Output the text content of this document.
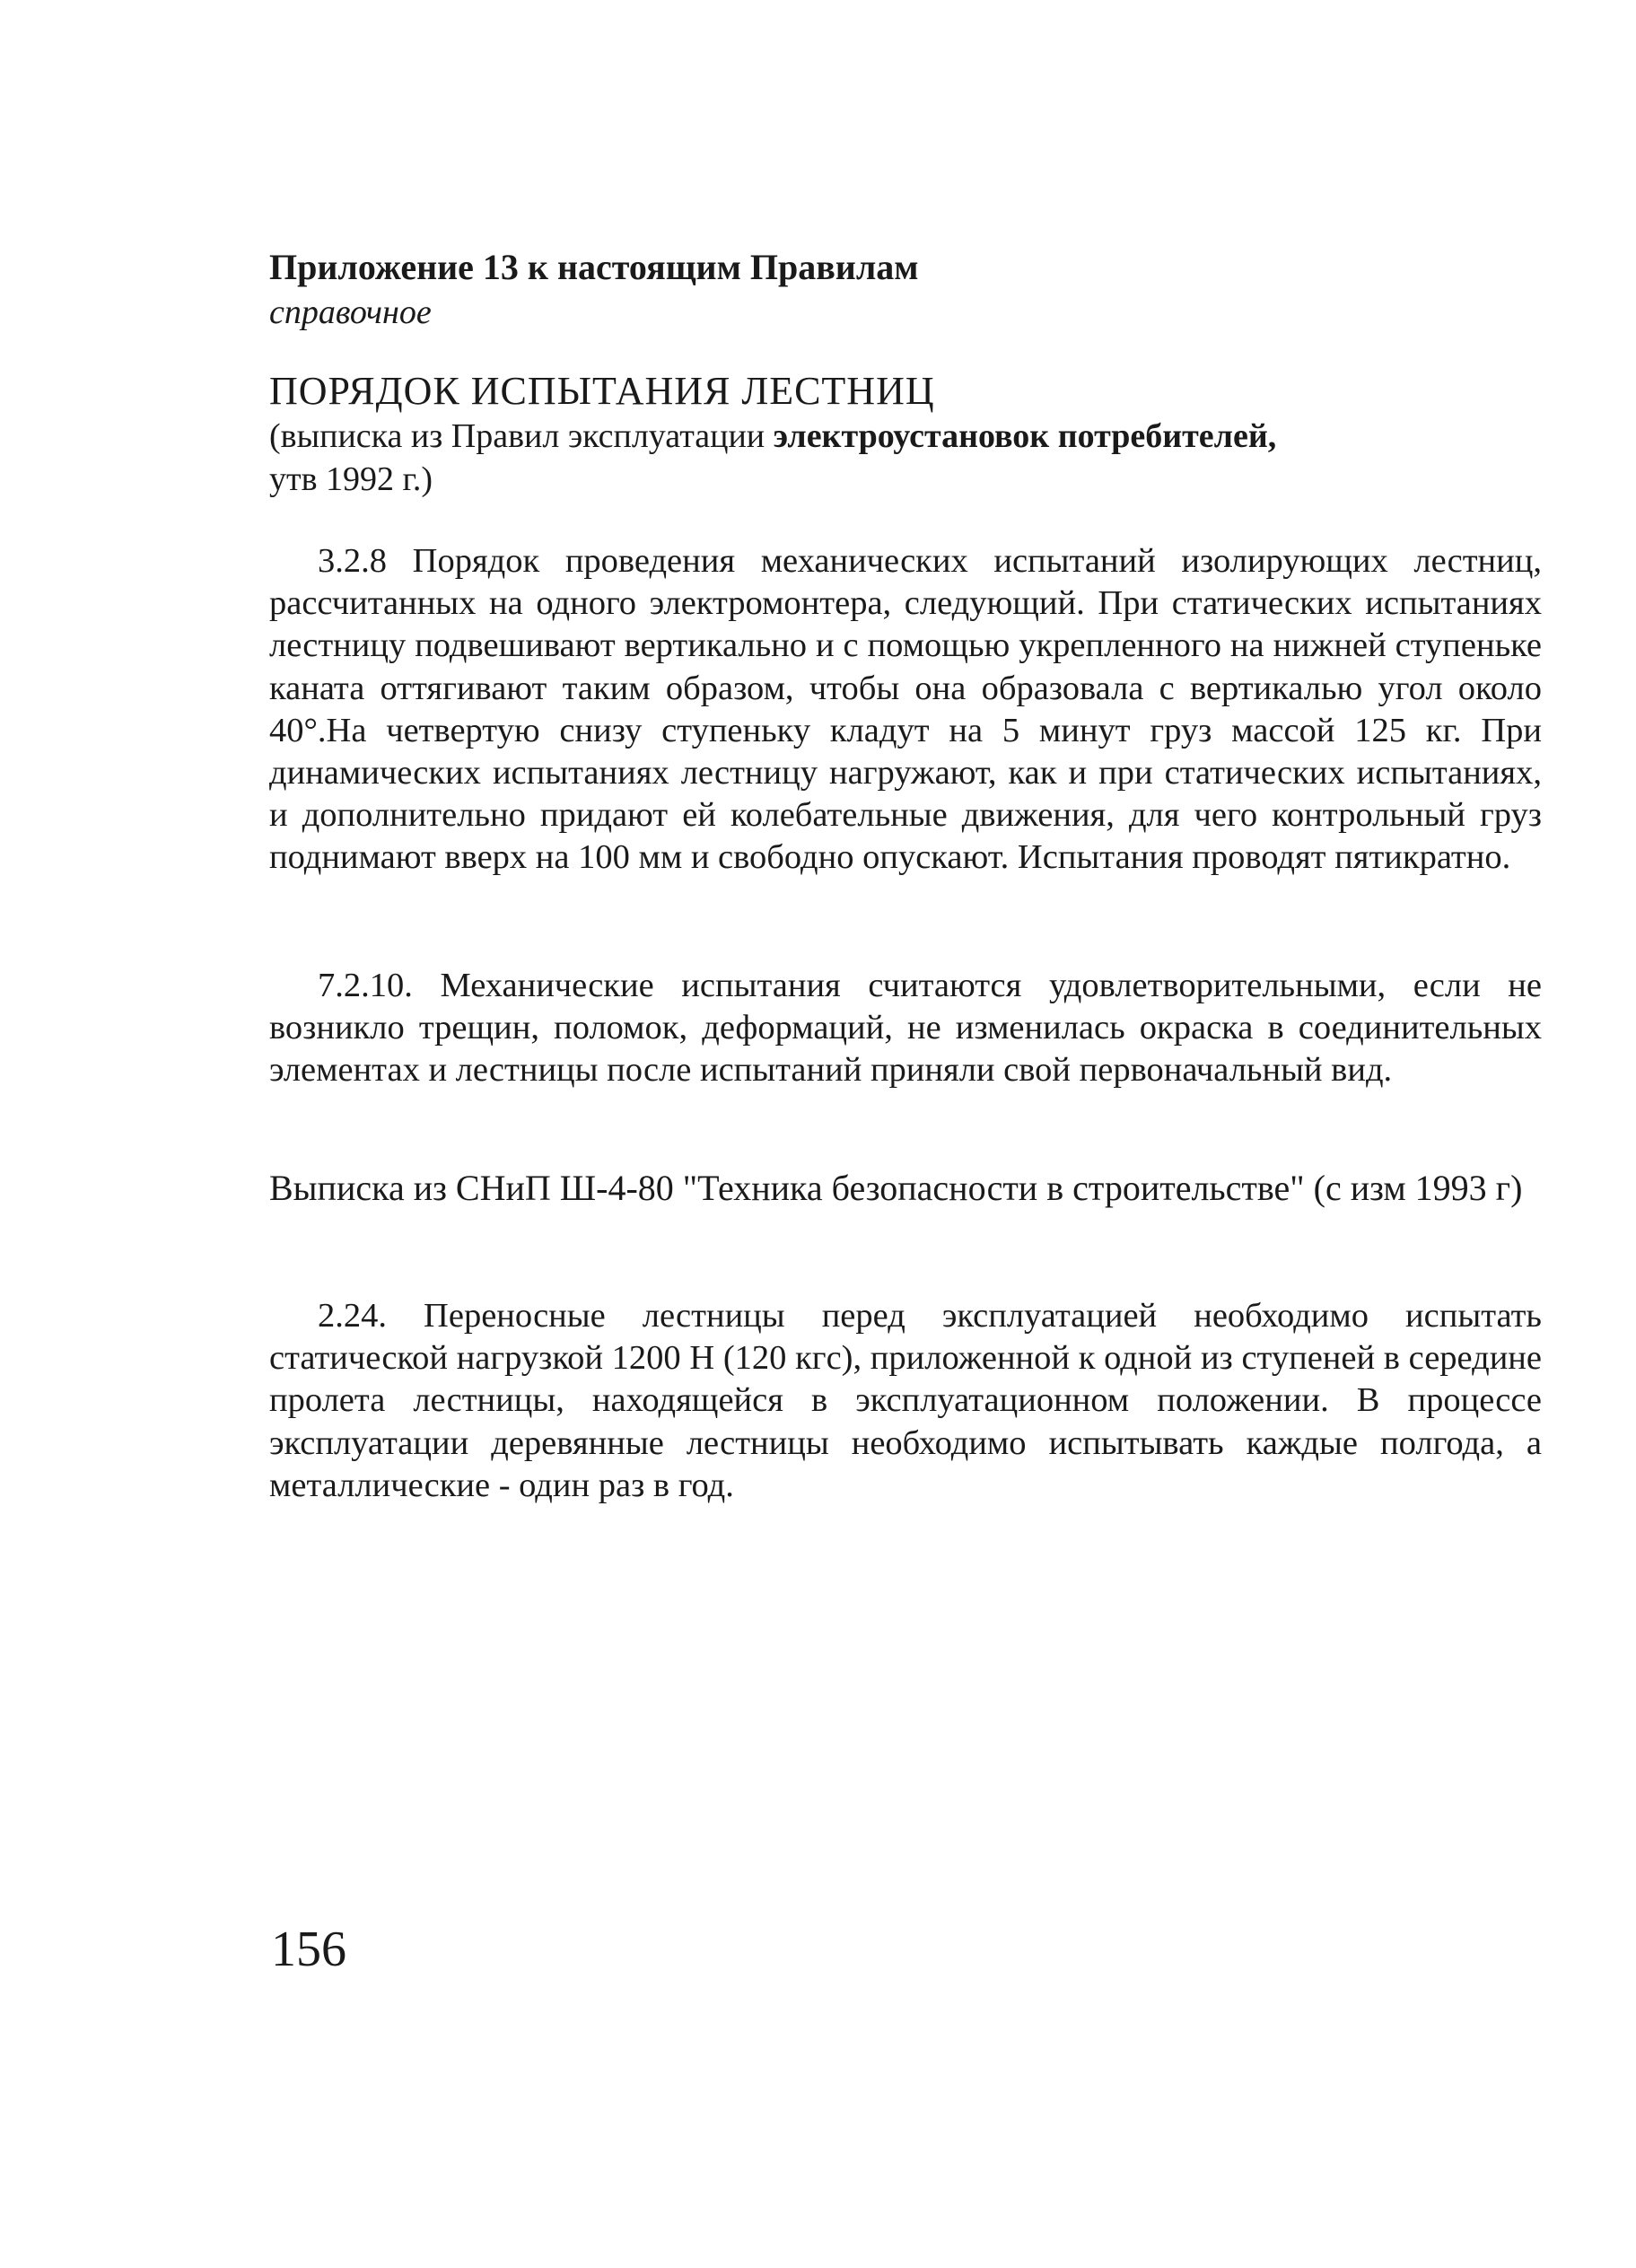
Приложение 13 к настоящим Правилам

справочное

ПОРЯДОК ИСПЫТАНИЯ ЛЕСТНИЦ

(выписка из Правил эксплуатации электроустановок потребителей,
утв 1992 г.)

3.2.8 Порядок проведения механических испытаний изолирующих лестниц, рассчитанных на одного электромонтера, следующий. При статических испытаниях лестницу подвешивают вертикально и с помощью укрепленного на нижней ступеньке каната оттягивают таким образом, чтобы она образовала с вертикалью угол около 40°.На четвертую снизу ступеньку кладут на 5 минут груз массой 125 кг. При динамических испытаниях лестницу нагружают, как и при статических испытаниях, и дополнительно придают ей колебательные движения, для чего контрольный груз поднимают вверх на 100 мм и свободно опускают. Испытания проводят пятикратно.

7.2.10. Механические испытания считаются удовлетворительными, если не возникло трещин, поломок, деформаций, не изменилась окраска в соединительных элементах и лестницы после испытаний приняли свой первоначальный вид.

Выписка из СНиП Ш-4-80 "Техника безопасности в строительстве" (с изм 1993 г)

2.24. Переносные лестницы перед эксплуатацией необходимо испытать статической нагрузкой 1200 Н (120 кгс), приложенной к одной из ступеней в середине пролета лестницы, находящейся в эксплуатационном положении. В процессе эксплуатации деревянные лестницы необходимо испытывать каждые полгода, а металлические - один раз в год.

156
